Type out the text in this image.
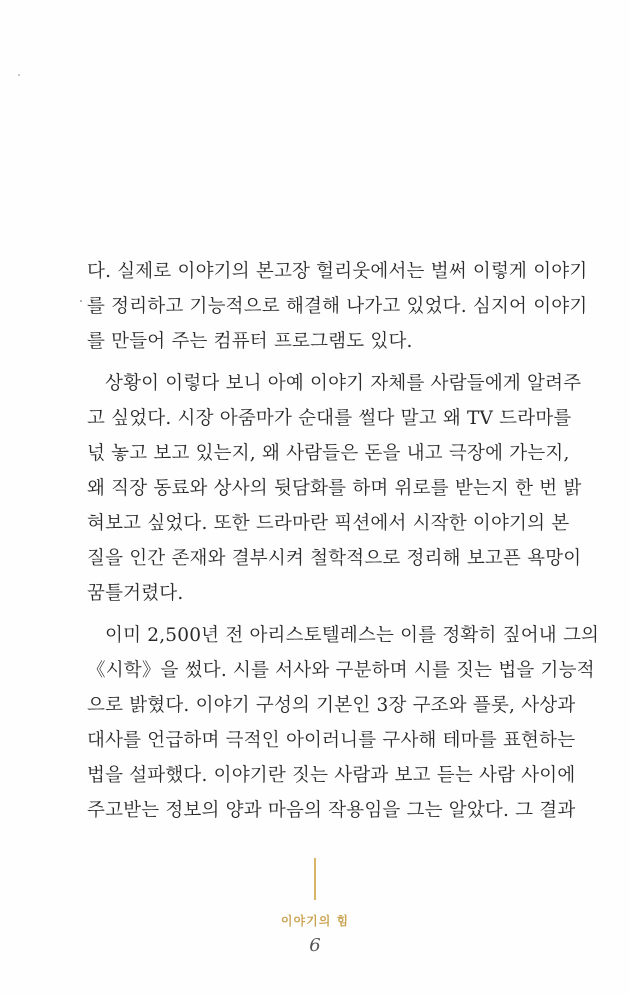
다. 실제로 이야기의 본고장 헐리웃에서는 벌써 이렇게 이야기
를 정리하고 기능적으로 해결해 나가고 있었다. 심지어 이야기
를 만들어 주는 컴퓨터 프로그램도 있다.
상황이 이렇다 보니 아예 이야기 자체를 사람들에게 알려주
고 싶었다. 시장 아줌마가 순대를 썰다 말고 왜 TV 드라마를
넋 놓고 보고 있는지, 왜 사람들은 돈을 내고 극장에 가는지,
왜 직장 동료와 상사의 뒷담화를 하며 위로를 받는지 한 번 밝
혀보고 싶었다. 또한 드라마란 픽션에서 시작한 이야기의 본
질을 인간 존재와 결부시켜 철학적으로 정리해 보고픈 욕망이
꿈틀거렸다.
이미 2,500년 전 아리스토텔레스는 이를 정확히 짚어내 그의
《시학》을 썼다. 시를 서사와 구분하며 시를 짓는 법을 기능적
으로 밝혔다. 이야기 구성의 기본인 3장 구조와 플롯, 사상과
대사를 언급하며 극적인 아이러니를 구사해 테마를 표현하는
법을 설파했다. 이야기란 짓는 사람과 보고 듣는 사람 사이에
주고받는 정보의 양과 마음의 작용임을 그는 알았다. 그 결과
이야기의 힘
6
